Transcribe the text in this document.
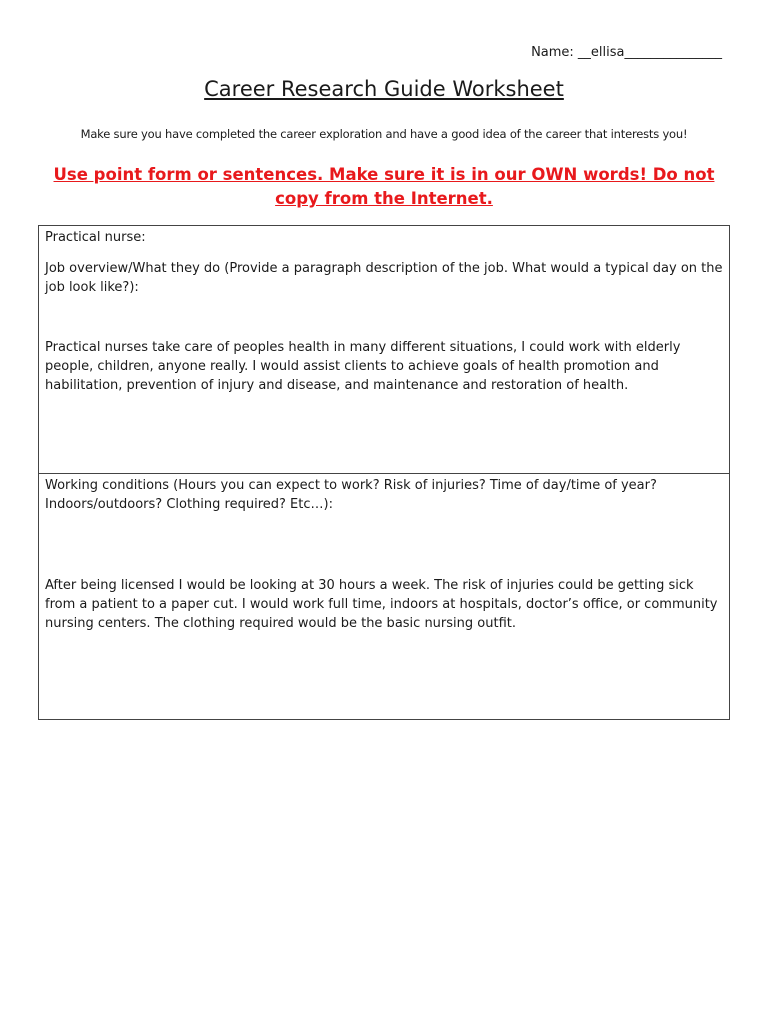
Name: __ellisa_______________
Career Research Guide Worksheet
Make sure you have completed the career exploration and have a good idea of the career that interests you!
Use point form or sentences. Make sure it is in our OWN words! Do not copy from the Internet.

Practical nurse:

Job overview/What they do (Provide a paragraph description of the job. What would a typical day on the job look like?):

Practical nurses take care of peoples health in many different situations, I could work with elderly people, children, anyone really. I would assist clients to achieve goals of health promotion and habilitation, prevention of injury and disease, and maintenance and restoration of health.

Working conditions (Hours you can expect to work? Risk of injuries? Time of day/time of year? Indoors/outdoors? Clothing required? Etc…):

After being licensed I would be looking at 30 hours a week. The risk of injuries could be getting sick from a patient to a paper cut. I would work full time, indoors at hospitals, doctor’s office, or community nursing centers. The clothing required would be the basic nursing outfit.
